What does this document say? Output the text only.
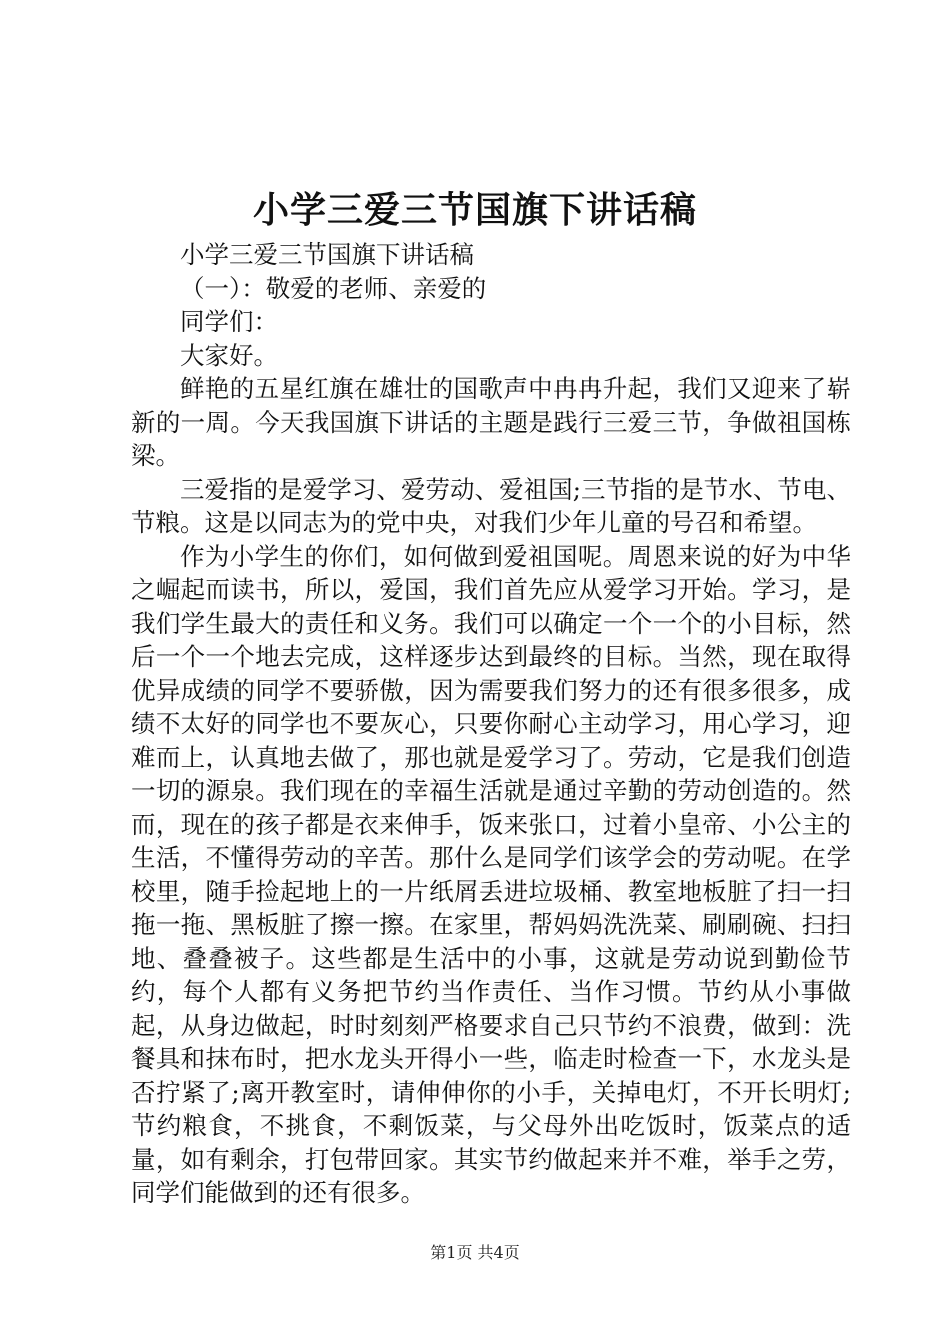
小学三爱三节国旗下讲话稿

小学三爱三节国旗下讲话稿

（一）：敬爱的老师、亲爱的

同学们：

大家好。

鲜艳的五星红旗在雄壮的国歌声中冉冉升起，我们又迎来了崭新的一周。今天我国旗下讲话的主题是践行三爱三节，争做祖国栋梁。

三爱指的是爱学习、爱劳动、爱祖国;三节指的是节水、节电、节粮。这是以同志为的党中央，对我们少年儿童的号召和希望。

作为小学生的你们，如何做到爱祖国呢。周恩来说的好为中华之崛起而读书，所以，爱国，我们首先应从爱学习开始。学习，是我们学生最大的责任和义务。我们可以确定一个一个的小目标，然后一个一个地去完成，这样逐步达到最终的目标。当然，现在取得优异成绩的同学不要骄傲，因为需要我们努力的还有很多很多，成绩不太好的同学也不要灰心，只要你耐心主动学习，用心学习，迎难而上，认真地去做了，那也就是爱学习了。劳动，它是我们创造一切的源泉。我们现在的幸福生活就是通过辛勤的劳动创造的。然而，现在的孩子都是衣来伸手，饭来张口，过着小皇帝、小公主的生活，不懂得劳动的辛苦。那什么是同学们该学会的劳动呢。在学校里，随手捡起地上的一片纸屑丢进垃圾桶、教室地板脏了扫一扫拖一拖、黑板脏了擦一擦。在家里，帮妈妈洗洗菜、刷刷碗、扫扫地、叠叠被子。这些都是生活中的小事，这就是劳动说到勤俭节约，每个人都有义务把节约当作责任、当作习惯。节约从小事做起，从身边做起，时时刻刻严格要求自己只节约不浪费，做到：洗餐具和抹布时，把水龙头开得小一些，临走时检查一下，水龙头是否拧紧了;离开教室时，请伸伸你的小手，关掉电灯，不开长明灯;节约粮食，不挑食，不剩饭菜，与父母外出吃饭时，饭菜点的适量，如有剩余，打包带回家。其实节约做起来并不难，举手之劳，同学们能做到的还有很多。

第1页 共4页
